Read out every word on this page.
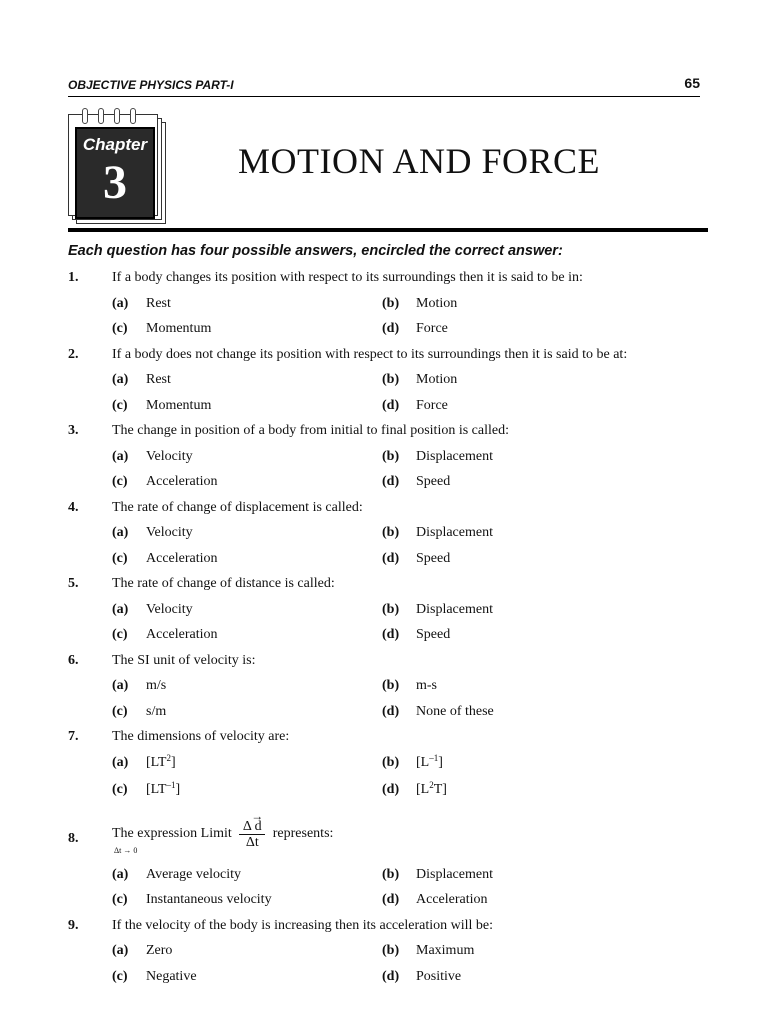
OBJECTIVE PHYSICS PART-I	65
Chapter
3	MOTION AND FORCE
Each question has four possible answers, encircled the correct answer:
1. If a body changes its position with respect to its surroundings then it is said to be in:
(a) Rest	(b) Motion
(c) Momentum	(d) Force
2. If a body does not change its position with respect to its surroundings then it is said to be at:
(a) Rest	(b) Motion
(c) Momentum	(d) Force
3. The change in position of a body from initial to final position is called:
(a) Velocity	(b) Displacement
(c) Acceleration	(d) Speed
4. The rate of change of displacement is called:
(a) Velocity	(b) Displacement
(c) Acceleration	(d) Speed
5. The rate of change of distance is called:
(a) Velocity	(b) Displacement
(c) Acceleration	(d) Speed
6. The SI unit of velocity is:
(a) m/s	(b) m-s
(c) s/m	(d) None of these
7. The dimensions of velocity are:
(a) $[LT^2]$	(b) $[L^{-1}]$
(c) $[LT^{-1}]$	(d) $[L^2T]$
8. The expression Limit
Δt → 0

→
Δ d
Δt
represents:
(a) Average velocity	(b) Displacement
(c) Instantaneous velocity	(d) Acceleration
9. If the velocity of the body is increasing then its acceleration will be:
(a) Zero	(b) Maximum
(c) Negative	(d) Positive
